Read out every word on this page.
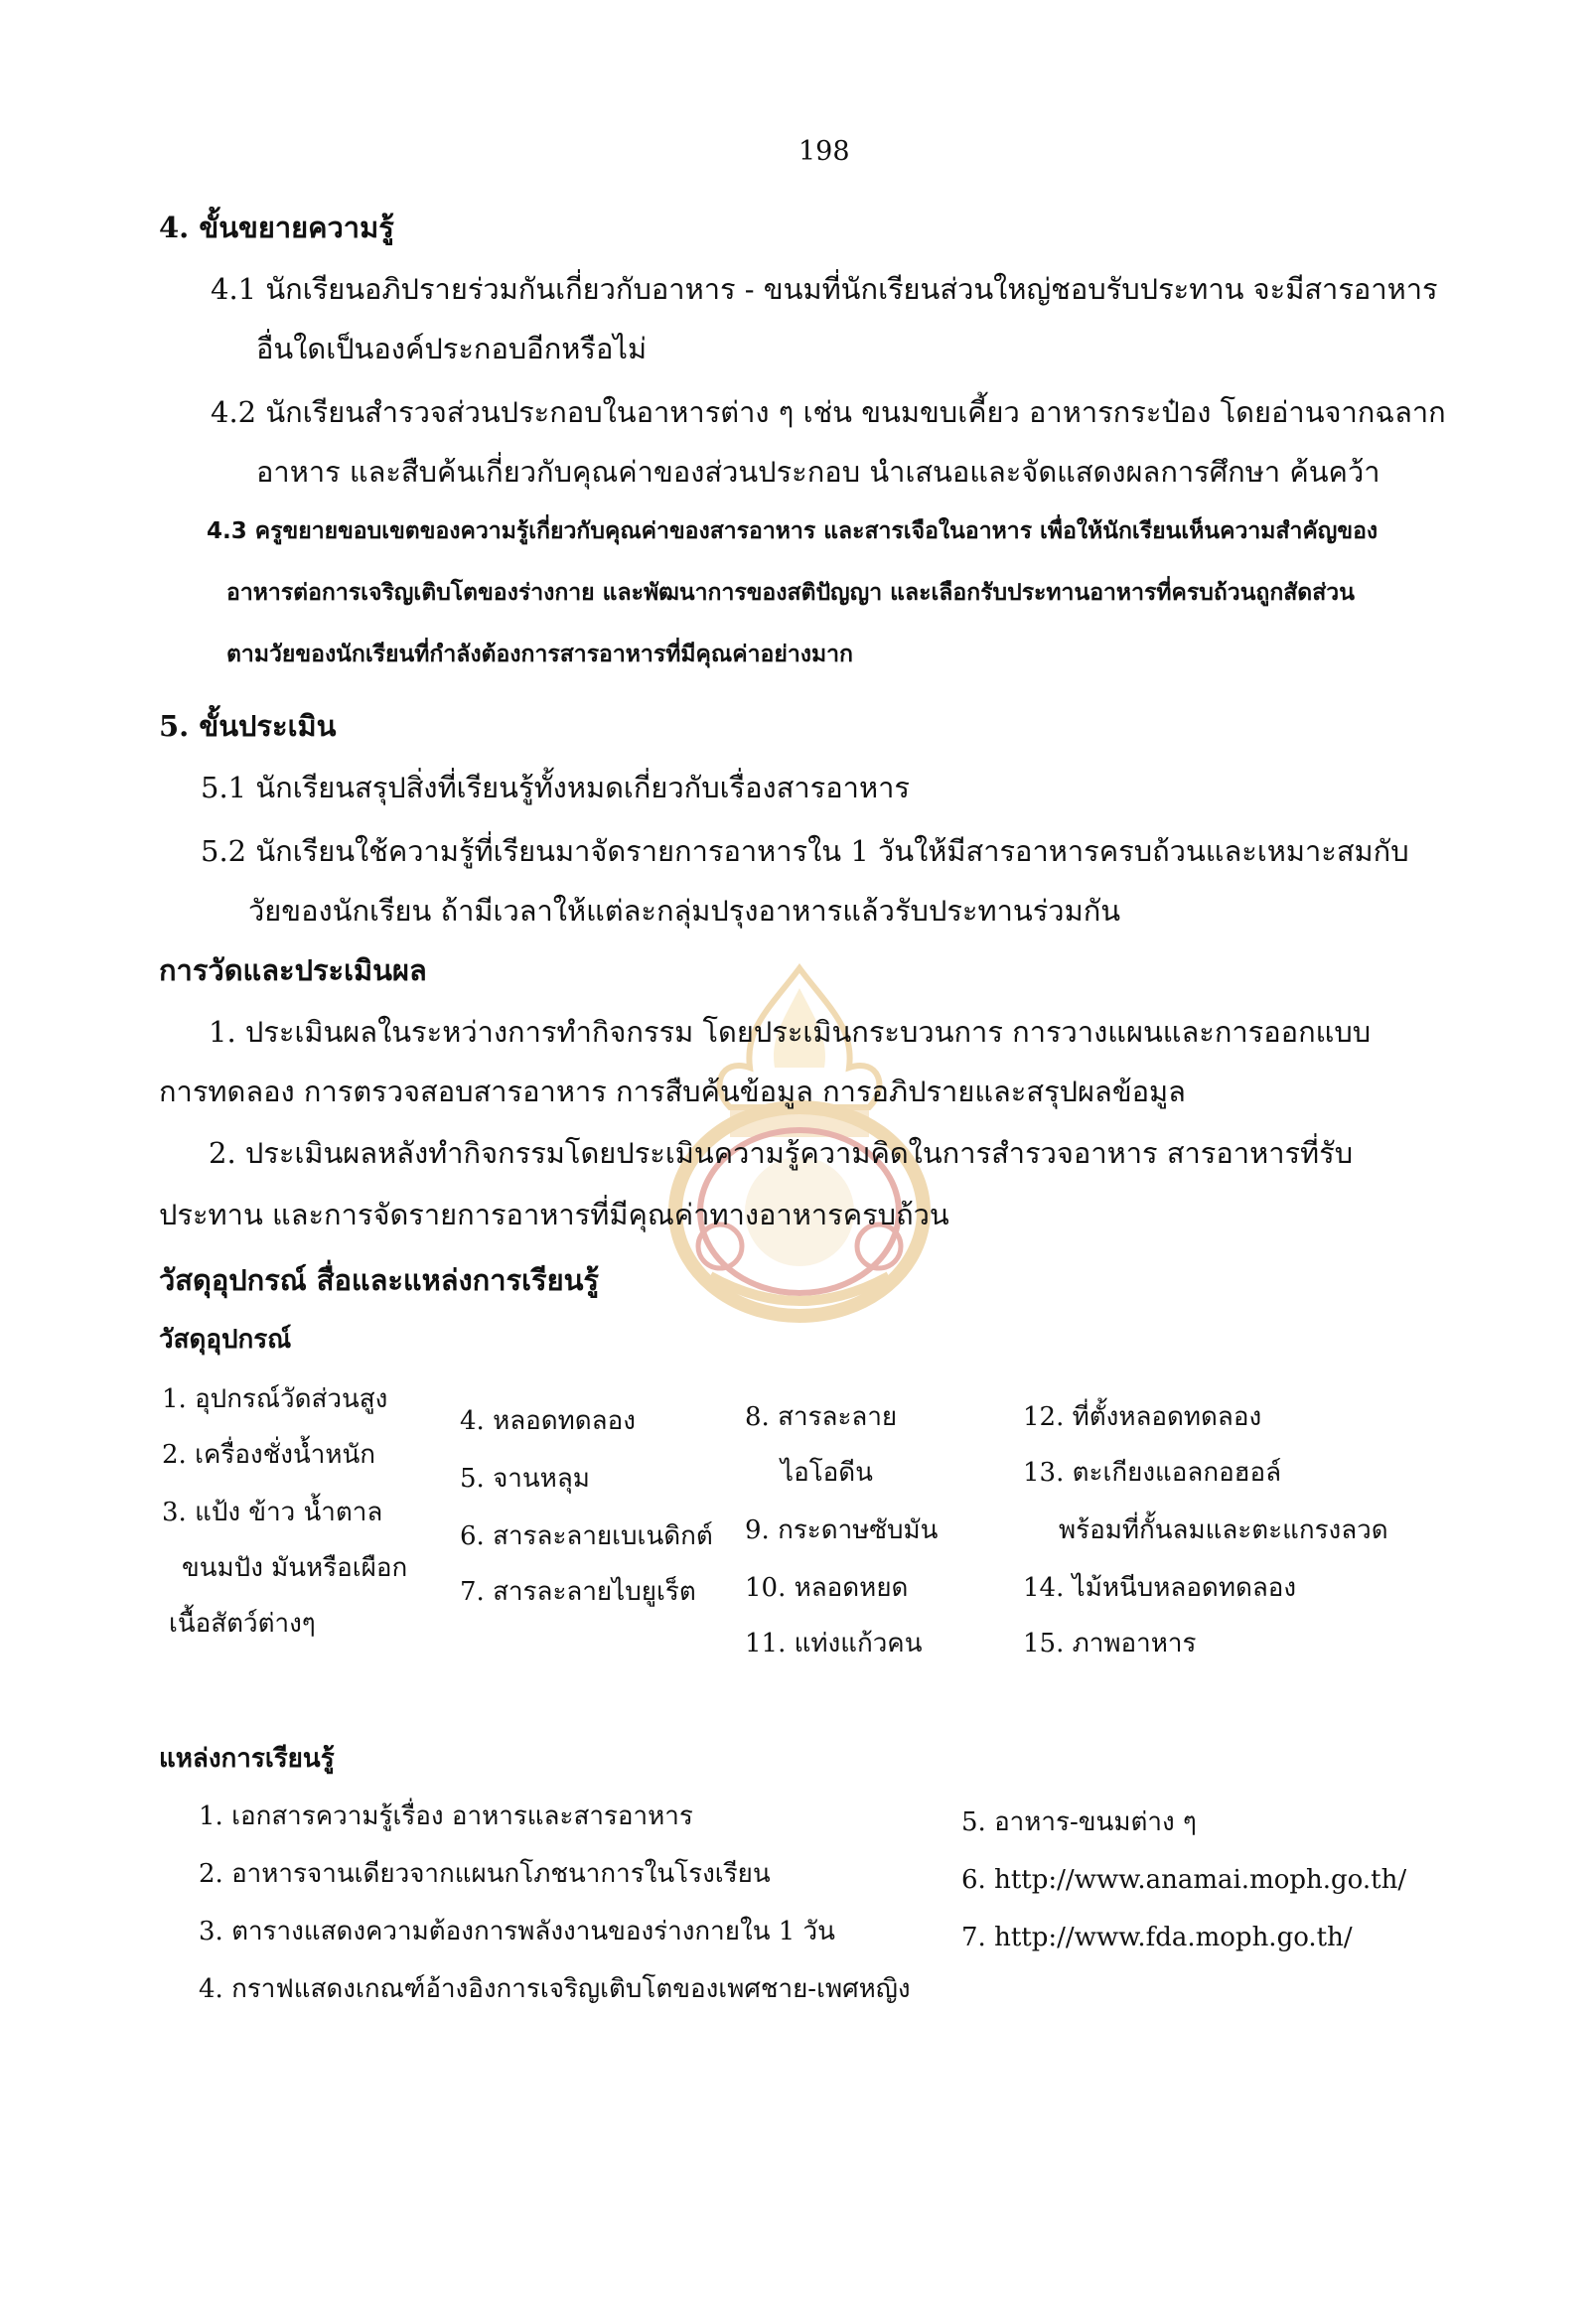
198
4. ขั้นขยายความรู้
4.1 นักเรียนอภิปรายร่วมกันเกี่ยวกับอาหาร - ขนมที่นักเรียนส่วนใหญ่ชอบรับประทาน จะมีสารอาหาร
อื่นใดเป็นองค์ประกอบอีกหรือไม่
4.2 นักเรียนสำรวจส่วนประกอบในอาหารต่าง ๆ เช่น ขนมขบเคี้ยว อาหารกระป๋อง โดยอ่านจากฉลาก
อาหาร และสืบค้นเกี่ยวกับคุณค่าของส่วนประกอบ นำเสนอและจัดแสดงผลการศึกษา ค้นคว้า
4.3 ครูขยายขอบเขตของความรู้เกี่ยวกับคุณค่าของสารอาหาร และสารเจือในอาหาร เพื่อให้นักเรียนเห็นความสำคัญของ
อาหารต่อการเจริญเติบโตของร่างกาย และพัฒนาการของสติปัญญา และเลือกรับประทานอาหารที่ครบถ้วนถูกสัดส่วน
ตามวัยของนักเรียนที่กำลังต้องการสารอาหารที่มีคุณค่าอย่างมาก
5. ขั้นประเมิน
5.1 นักเรียนสรุปสิ่งที่เรียนรู้ทั้งหมดเกี่ยวกับเรื่องสารอาหาร
5.2 นักเรียนใช้ความรู้ที่เรียนมาจัดรายการอาหารใน 1 วันให้มีสารอาหารครบถ้วนและเหมาะสมกับ
วัยของนักเรียน ถ้ามีเวลาให้แต่ละกลุ่มปรุงอาหารแล้วรับประทานร่วมกัน
การวัดและประเมินผล
1. ประเมินผลในระหว่างการทำกิจกรรม โดยประเมินกระบวนการ การวางแผนและการออกแบบ
การทดลอง การตรวจสอบสารอาหาร การสืบค้นข้อมูล การอภิปรายและสรุปผลข้อมูล
2. ประเมินผลหลังทำกิจกรรมโดยประเมินความรู้ความคิดในการสำรวจอาหาร สารอาหารที่รับ
ประทาน และการจัดรายการอาหารที่มีคุณค่าทางอาหารครบถ้วน
วัสดุอุปกรณ์ สื่อและแหล่งการเรียนรู้
วัสดุอุปกรณ์
1. อุปกรณ์วัดส่วนสูง
2. เครื่องชั่งน้ำหนัก
3. แป้ง ข้าว น้ำตาล
ขนมปัง มันหรือเผือก
เนื้อสัตว์ต่างๆ
4. หลอดทดลอง
5. จานหลุม
6. สารละลายเบเนดิกต์
7. สารละลายไบยูเร็ต
8. สารละลาย
ไอโอดีน
9. กระดาษซับมัน
10. หลอดหยด
11. แท่งแก้วคน
12. ที่ตั้งหลอดทดลอง
13. ตะเกียงแอลกอฮอล์
พร้อมที่กั้นลมและตะแกรงลวด
14. ไม้หนีบหลอดทดลอง
15. ภาพอาหาร
แหล่งการเรียนรู้
1. เอกสารความรู้เรื่อง อาหารและสารอาหาร
2. อาหารจานเดียวจากแผนกโภชนาการในโรงเรียน
3. ตารางแสดงความต้องการพลังงานของร่างกายใน 1 วัน
4. กราฟแสดงเกณฑ์อ้างอิงการเจริญเติบโตของเพศชาย-เพศหญิง
5. อาหาร-ขนมต่าง ๆ
6. http://www.anamai.moph.go.th/
7. http://www.fda.moph.go.th/
